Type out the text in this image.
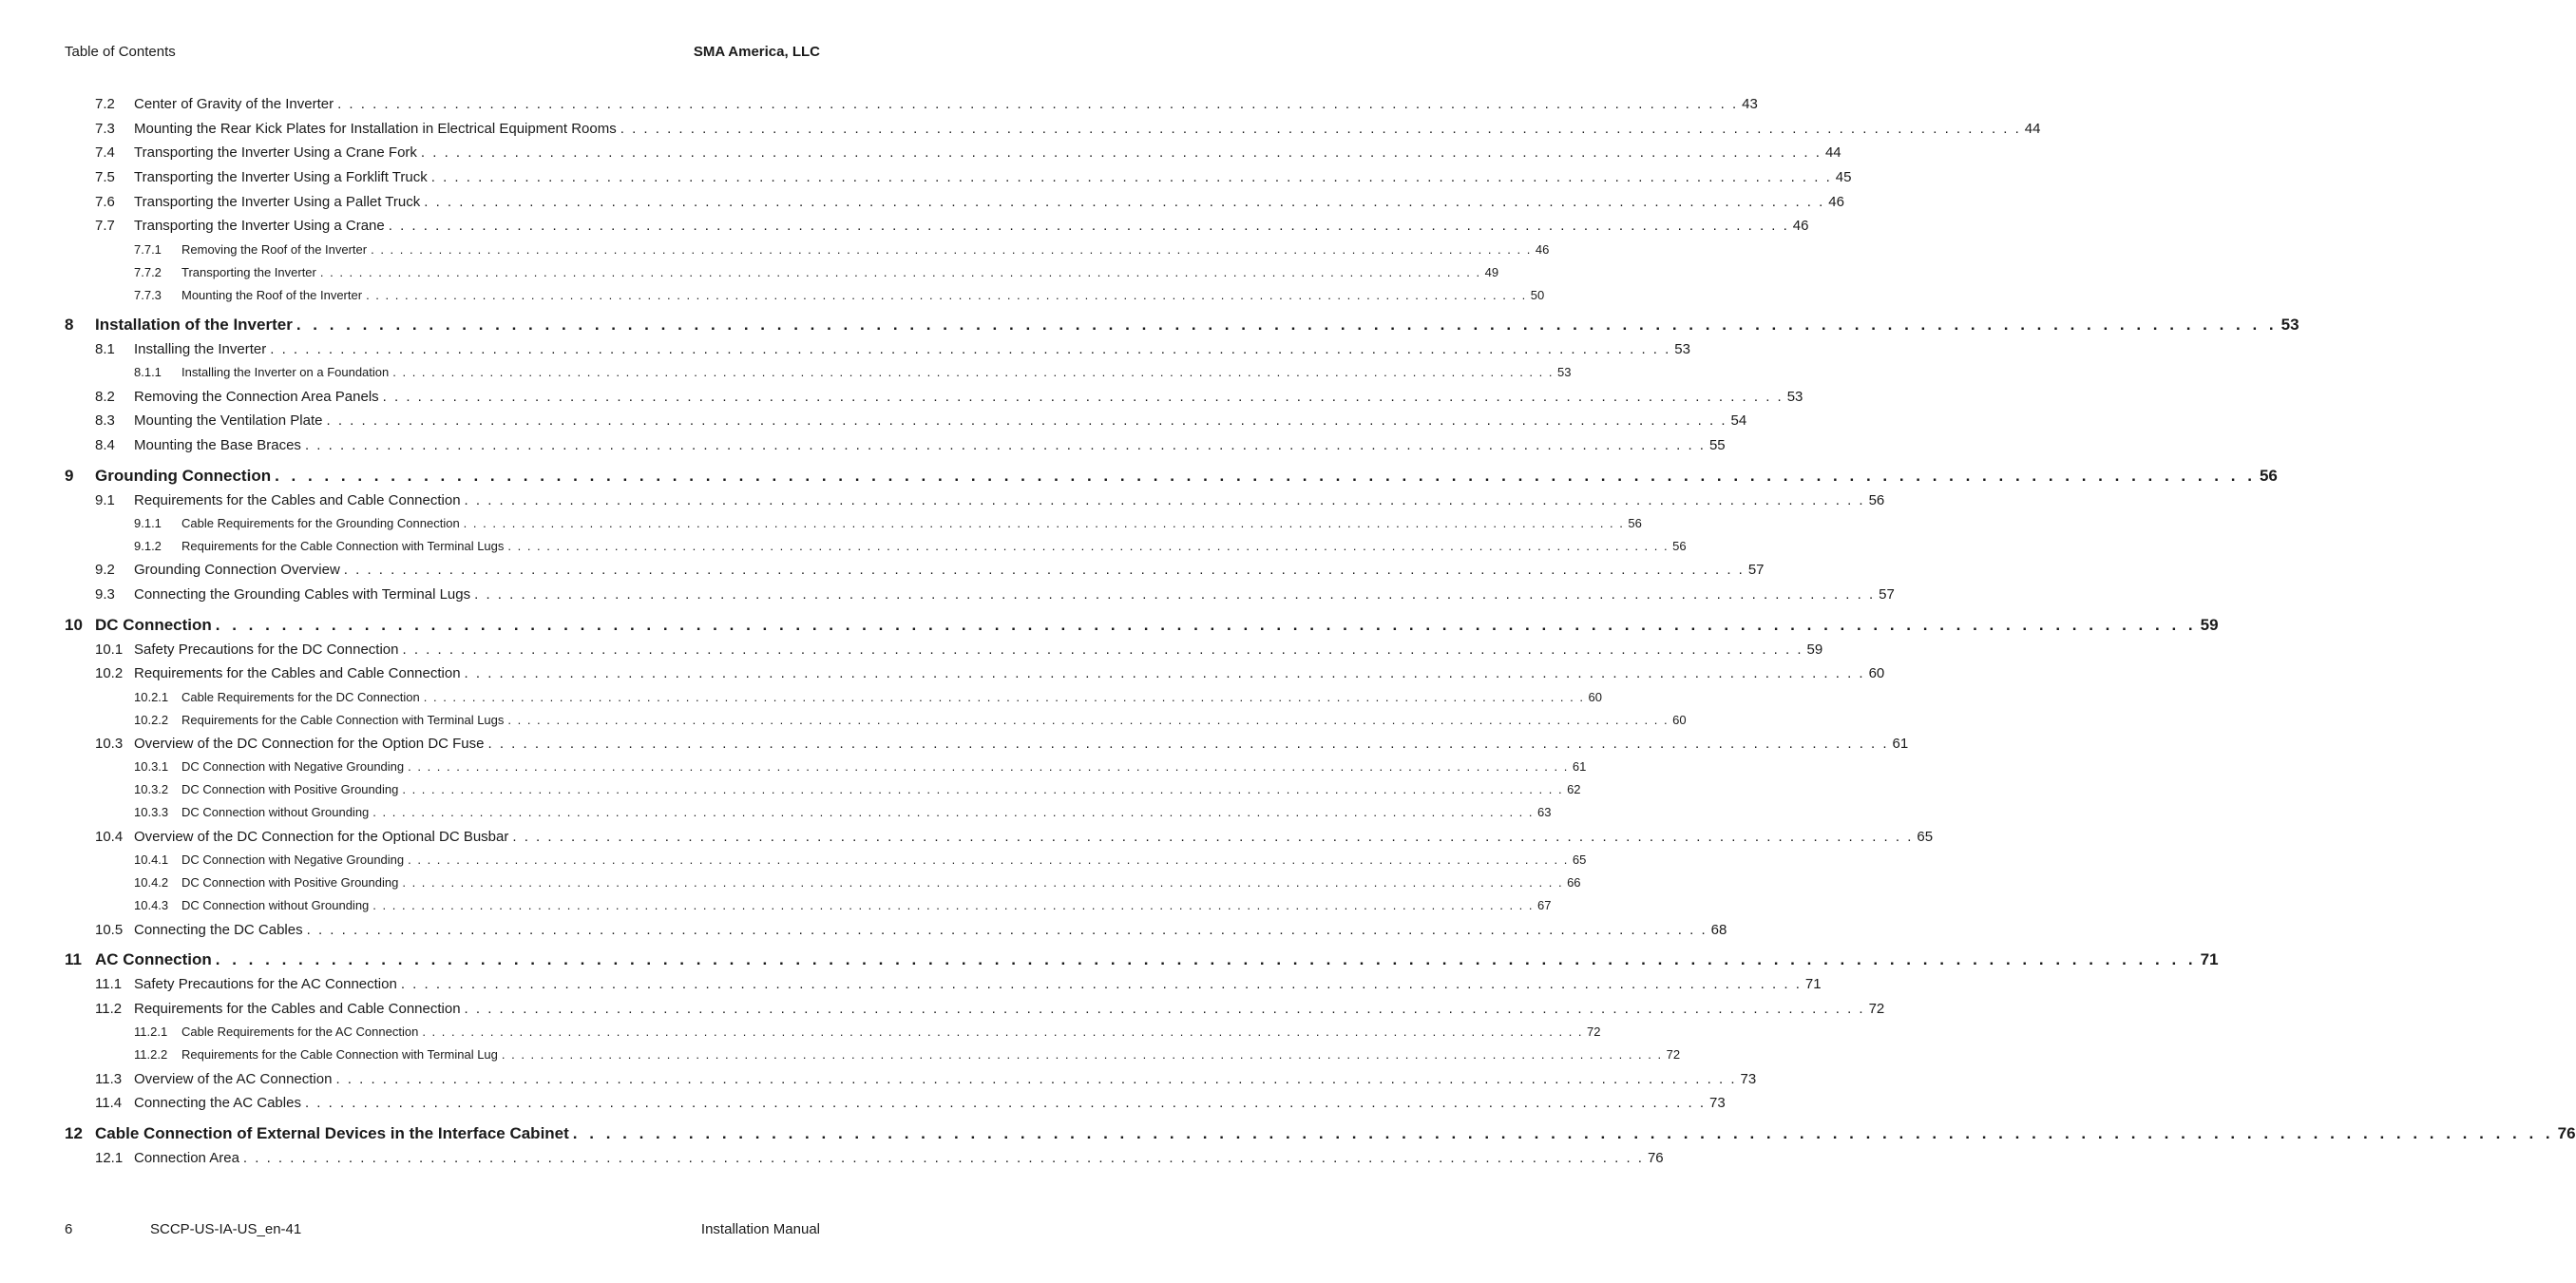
Table of Contents	SMA America, LLC
7.2	Center of Gravity of the Inverter . . . . . . . . . . . . . . . . . . . . . . . . . . . . . . . . . . . . . . . . . . . . . . . . . . . . . . . . . . . . . . . . . . . . . . . . . . . . . . . . . . . . . . . . . . . . . . . . . . . . . . . . . . . . . . . . . . . . . . . . 43
7.3	Mounting the Rear Kick Plates for Installation in Electrical Equipment Rooms . . . . . . . . . . . . . . . . . . . . . . . . . . . . . . . . . . . . . . . . . . . . . . . . . . . . . . . . . . . . . . . . . . . . . . . . . . . . . . . . . . . . . . . . . . . . . . . . . . . . . . . . . . . . . . . . . . . . . . . . 44
7.4	Transporting the Inverter Using a Crane Fork . . . . . . . . . . . . . . . . . . . . . . . . . . . . . . . . . . . . . . . . . . . . . . . . . . . . . . . . . . . . . . . . . . . . . . . . . . . . . . . . . . . . . . . . . . . . . . . . . . . . . . . . . . . . . . . . . . . . . . . . 44
7.5	Transporting the Inverter Using a Forklift Truck . . . . . . . . . . . . . . . . . . . . . . . . . . . . . . . . . . . . . . . . . . . . . . . . . . . . . . . . . . . . . . . . . . . . . . . . . . . . . . . . . . . . . . . . . . . . . . . . . . . . . . . . . . . . . . . . . . . . . . . . 45
7.6	Transporting the Inverter Using a Pallet Truck . . . . . . . . . . . . . . . . . . . . . . . . . . . . . . . . . . . . . . . . . . . . . . . . . . . . . . . . . . . . . . . . . . . . . . . . . . . . . . . . . . . . . . . . . . . . . . . . . . . . . . . . . . . . . . . . . . . . . . . . 46
7.7	Transporting the Inverter Using a Crane . . . . . . . . . . . . . . . . . . . . . . . . . . . . . . . . . . . . . . . . . . . . . . . . . . . . . . . . . . . . . . . . . . . . . . . . . . . . . . . . . . . . . . . . . . . . . . . . . . . . . . . . . . . . . . . . . . . . . . . . 46
7.7.1	Removing the Roof of the Inverter . . . . . . . . . . . . . . . . . . . . . . . . . . . . . . . . . . . . . . . . . . . . . . . . . . . . . . . . . . . . . . . . . . . . . . . . . . . . . . . . . . . . . . . . . . . . . . . . . . . . . . . . . . . . . . . . . . . . . . . . 46
7.7.2	Transporting the Inverter . . . . . . . . . . . . . . . . . . . . . . . . . . . . . . . . . . . . . . . . . . . . . . . . . . . . . . . . . . . . . . . . . . . . . . . . . . . . . . . . . . . . . . . . . . . . . . . . . . . . . . . . . . . . . . . . . . . . . . . . 49
7.7.3	Mounting the Roof of the Inverter . . . . . . . . . . . . . . . . . . . . . . . . . . . . . . . . . . . . . . . . . . . . . . . . . . . . . . . . . . . . . . . . . . . . . . . . . . . . . . . . . . . . . . . . . . . . . . . . . . . . . . . . . . . . . . . . . . . . . . . . 50
8	Installation of the Inverter . . . . . . . . . . . . . . . . . . . . . . . . . . . . . . . . . . . . . . . . . . . . . . . . . . . . . . . . . . . . . . . . . . . . . . . . . . . . . . . . . . . . . . . . . . . . . . . . . . . . . . . . . . . . . . . . . . . . . . . . 53
8.1	Installing the Inverter . . . . . . . . . . . . . . . . . . . . . . . . . . . . . . . . . . . . . . . . . . . . . . . . . . . . . . . . . . . . . . . . . . . . . . . . . . . . . . . . . . . . . . . . . . . . . . . . . . . . . . . . . . . . . . . . . . . . . . . . 53
8.1.1	Installing the Inverter on a Foundation . . . . . . . . . . . . . . . . . . . . . . . . . . . . . . . . . . . . . . . . . . . . . . . . . . . . . . . . . . . . . . . . . . . . . . . . . . . . . . . . . . . . . . . . . . . . . . . . . . . . . . . . . . . . . . . . . . . . . . . . 53
8.2	Removing the Connection Area Panels . . . . . . . . . . . . . . . . . . . . . . . . . . . . . . . . . . . . . . . . . . . . . . . . . . . . . . . . . . . . . . . . . . . . . . . . . . . . . . . . . . . . . . . . . . . . . . . . . . . . . . . . . . . . . . . . . . . . . . . . 53
8.3	Mounting the Ventilation Plate . . . . . . . . . . . . . . . . . . . . . . . . . . . . . . . . . . . . . . . . . . . . . . . . . . . . . . . . . . . . . . . . . . . . . . . . . . . . . . . . . . . . . . . . . . . . . . . . . . . . . . . . . . . . . . . . . . . . . . . . 54
8.4	Mounting the Base Braces . . . . . . . . . . . . . . . . . . . . . . . . . . . . . . . . . . . . . . . . . . . . . . . . . . . . . . . . . . . . . . . . . . . . . . . . . . . . . . . . . . . . . . . . . . . . . . . . . . . . . . . . . . . . . . . . . . . . . . . . 55
9	Grounding Connection . . . . . . . . . . . . . . . . . . . . . . . . . . . . . . . . . . . . . . . . . . . . . . . . . . . . . . . . . . . . . . . . . . . . . . . . . . . . . . . . . . . . . . . . . . . . . . . . . . . . . . . . . . . . . . . . . . . . . . . . 56
9.1	Requirements for the Cables and Cable Connection . . . . . . . . . . . . . . . . . . . . . . . . . . . . . . . . . . . . . . . . . . . . . . . . . . . . . . . . . . . . . . . . . . . . . . . . . . . . . . . . . . . . . . . . . . . . . . . . . . . . . . . . . . . . . . . . . . . . . . . . 56
9.1.1	Cable Requirements for the Grounding Connection . . . . . . . . . . . . . . . . . . . . . . . . . . . . . . . . . . . . . . . . . . . . . . . . . . . . . . . . . . . . . . . . . . . . . . . . . . . . . . . . . . . . . . . . . . . . . . . . . . . . . . . . . . . . . . . . . . . . . . . . 56
9.1.2	Requirements for the Cable Connection with Terminal Lugs . . . . . . . . . . . . . . . . . . . . . . . . . . . . . . . . . . . . . . . . . . . . . . . . . . . . . . . . . . . . . . . . . . . . . . . . . . . . . . . . . . . . . . . . . . . . . . . . . . . . . . . . . . . . . . . . . . . . . . . . 56
9.2	Grounding Connection Overview . . . . . . . . . . . . . . . . . . . . . . . . . . . . . . . . . . . . . . . . . . . . . . . . . . . . . . . . . . . . . . . . . . . . . . . . . . . . . . . . . . . . . . . . . . . . . . . . . . . . . . . . . . . . . . . . . . . . . . . . 57
9.3	Connecting the Grounding Cables with Terminal Lugs . . . . . . . . . . . . . . . . . . . . . . . . . . . . . . . . . . . . . . . . . . . . . . . . . . . . . . . . . . . . . . . . . . . . . . . . . . . . . . . . . . . . . . . . . . . . . . . . . . . . . . . . . . . . . . . . . . . . . . . . 57
10 DC Connection . . . . . . . . . . . . . . . . . . . . . . . . . . . . . . . . . . . . . . . . . . . . . . . . . . . . . . . . . . . . . . . . . . . . . . . . . . . . . . . . . . . . . . . . . . . . . . . . . . . . . . . . . . . . . . . . . . . . . . . . 59
10.1 Safety Precautions for the DC Connection . . . . . . . . . . . . . . . . . . . . . . . . . . . . . . . . . . . . . . . . . . . . . . . . . . . . . . . . . . . . . . . . . . . . . . . . . . . . . . . . . . . . . . . . . . . . . . . . . . . . . . . . . . . . . . . . . . . . . . . . 59
10.2 Requirements for the Cables and Cable Connection . . . . . . . . . . . . . . . . . . . . . . . . . . . . . . . . . . . . . . . . . . . . . . . . . . . . . . . . . . . . . . . . . . . . . . . . . . . . . . . . . . . . . . . . . . . . . . . . . . . . . . . . . . . . . . . . . . . . . . . . 60
10.2.1	Cable Requirements for the DC Connection . . . . . . . . . . . . . . . . . . . . . . . . . . . . . . . . . . . . . . . . . . . . . . . . . . . . . . . . . . . . . . . . . . . . . . . . . . . . . . . . . . . . . . . . . . . . . . . . . . . . . . . . . . . . . . . . . . . . . . . . 60
10.2.2	Requirements for the Cable Connection with Terminal Lugs . . . . . . . . . . . . . . . . . . . . . . . . . . . . . . . . . . . . . . . . . . . . . . . . . . . . . . . . . . . . . . . . . . . . . . . . . . . . . . . . . . . . . . . . . . . . . . . . . . . . . . . . . . . . . . . . . . . . . . . . 60
10.3 Overview of the DC Connection for the Option DC Fuse . . . . . . . . . . . . . . . . . . . . . . . . . . . . . . . . . . . . . . . . . . . . . . . . . . . . . . . . . . . . . . . . . . . . . . . . . . . . . . . . . . . . . . . . . . . . . . . . . . . . . . . . . . . . . . . . . . . . . . . . 61
10.3.1	DC Connection with Negative Grounding . . . . . . . . . . . . . . . . . . . . . . . . . . . . . . . . . . . . . . . . . . . . . . . . . . . . . . . . . . . . . . . . . . . . . . . . . . . . . . . . . . . . . . . . . . . . . . . . . . . . . . . . . . . . . . . . . . . . . . . . 61
10.3.2	DC Connection with Positive Grounding . . . . . . . . . . . . . . . . . . . . . . . . . . . . . . . . . . . . . . . . . . . . . . . . . . . . . . . . . . . . . . . . . . . . . . . . . . . . . . . . . . . . . . . . . . . . . . . . . . . . . . . . . . . . . . . . . . . . . . . . 62
10.3.3	DC Connection without Grounding . . . . . . . . . . . . . . . . . . . . . . . . . . . . . . . . . . . . . . . . . . . . . . . . . . . . . . . . . . . . . . . . . . . . . . . . . . . . . . . . . . . . . . . . . . . . . . . . . . . . . . . . . . . . . . . . . . . . . . . . 63
10.4 Overview of the DC Connection for the Optional DC Busbar . . . . . . . . . . . . . . . . . . . . . . . . . . . . . . . . . . . . . . . . . . . . . . . . . . . . . . . . . . . . . . . . . . . . . . . . . . . . . . . . . . . . . . . . . . . . . . . . . . . . . . . . . . . . . . . . . . . . . . . . 65
10.4.1	DC Connection with Negative Grounding . . . . . . . . . . . . . . . . . . . . . . . . . . . . . . . . . . . . . . . . . . . . . . . . . . . . . . . . . . . . . . . . . . . . . . . . . . . . . . . . . . . . . . . . . . . . . . . . . . . . . . . . . . . . . . . . . . . . . . . . 65
10.4.2	DC Connection with Positive Grounding . . . . . . . . . . . . . . . . . . . . . . . . . . . . . . . . . . . . . . . . . . . . . . . . . . . . . . . . . . . . . . . . . . . . . . . . . . . . . . . . . . . . . . . . . . . . . . . . . . . . . . . . . . . . . . . . . . . . . . . . 66
10.4.3	DC Connection without Grounding . . . . . . . . . . . . . . . . . . . . . . . . . . . . . . . . . . . . . . . . . . . . . . . . . . . . . . . . . . . . . . . . . . . . . . . . . . . . . . . . . . . . . . . . . . . . . . . . . . . . . . . . . . . . . . . . . . . . . . . . 67
10.5 Connecting the DC Cables . . . . . . . . . . . . . . . . . . . . . . . . . . . . . . . . . . . . . . . . . . . . . . . . . . . . . . . . . . . . . . . . . . . . . . . . . . . . . . . . . . . . . . . . . . . . . . . . . . . . . . . . . . . . . . . . . . . . . . . . 68
11 AC Connection . . . . . . . . . . . . . . . . . . . . . . . . . . . . . . . . . . . . . . . . . . . . . . . . . . . . . . . . . . . . . . . . . . . . . . . . . . . . . . . . . . . . . . . . . . . . . . . . . . . . . . . . . . . . . . . . . . . . . . . . 71
11.1 Safety Precautions for the AC Connection . . . . . . . . . . . . . . . . . . . . . . . . . . . . . . . . . . . . . . . . . . . . . . . . . . . . . . . . . . . . . . . . . . . . . . . . . . . . . . . . . . . . . . . . . . . . . . . . . . . . . . . . . . . . . . . . . . . . . . . . 71
11.2 Requirements for the Cables and Cable Connection . . . . . . . . . . . . . . . . . . . . . . . . . . . . . . . . . . . . . . . . . . . . . . . . . . . . . . . . . . . . . . . . . . . . . . . . . . . . . . . . . . . . . . . . . . . . . . . . . . . . . . . . . . . . . . . . . . . . . . . . 72
11.2.1	Cable Requirements for the AC Connection . . . . . . . . . . . . . . . . . . . . . . . . . . . . . . . . . . . . . . . . . . . . . . . . . . . . . . . . . . . . . . . . . . . . . . . . . . . . . . . . . . . . . . . . . . . . . . . . . . . . . . . . . . . . . . . . . . . . . . . . 72
11.2.2	Requirements for the Cable Connection with Terminal Lug . . . . . . . . . . . . . . . . . . . . . . . . . . . . . . . . . . . . . . . . . . . . . . . . . . . . . . . . . . . . . . . . . . . . . . . . . . . . . . . . . . . . . . . . . . . . . . . . . . . . . . . . . . . . . . . . . . . . . . . . 72
11.3 Overview of the AC Connection . . . . . . . . . . . . . . . . . . . . . . . . . . . . . . . . . . . . . . . . . . . . . . . . . . . . . . . . . . . . . . . . . . . . . . . . . . . . . . . . . . . . . . . . . . . . . . . . . . . . . . . . . . . . . . . . . . . . . . . . 73
11.4 Connecting the AC Cables . . . . . . . . . . . . . . . . . . . . . . . . . . . . . . . . . . . . . . . . . . . . . . . . . . . . . . . . . . . . . . . . . . . . . . . . . . . . . . . . . . . . . . . . . . . . . . . . . . . . . . . . . . . . . . . . . . . . . . . . 73
12 Cable Connection of External Devices in the Interface Cabinet . . . . . . . . . . . . . . . . . . . . . . . . . . . . . . . . . . . . . . . . . . . . . . . . . . . . . . . . . . . . . . . . . . . . . . . . . . . . . . . . . . . . . . . . . . . . . . . . . . . . . . . . . . . . . . . . . . . . . . . . 76
12.1 Connection Area . . . . . . . . . . . . . . . . . . . . . . . . . . . . . . . . . . . . . . . . . . . . . . . . . . . . . . . . . . . . . . . . . . . . . . . . . . . . . . . . . . . . . . . . . . . . . . . . . . . . . . . . . . . . . . . . . . . . . . . . 76
6	SCCP-US-IA-US_en-41	Installation Manual
